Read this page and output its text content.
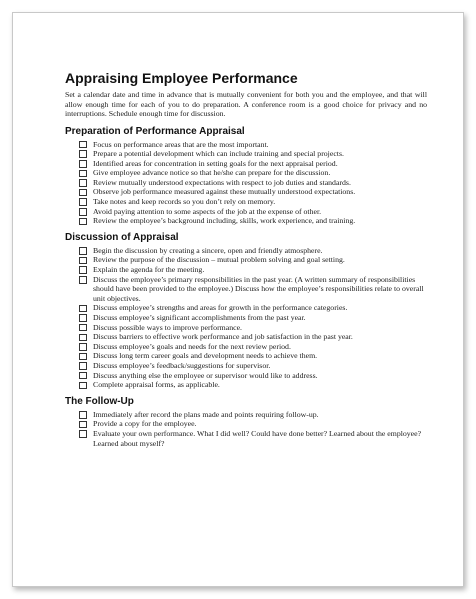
Appraising Employee Performance

Set a calendar date and time in advance that is mutually convenient for both you and the employee, and that will allow enough time for each of you to do preparation. A conference room is a good choice for privacy and no interruptions. Schedule enough time for discussion.

Preparation of Performance Appraisal
Focus on performance areas that are the most important.
Prepare a potential development which can include training and special projects.
Identified areas for concentration in setting goals for the next appraisal period.
Give employee advance notice so that he/she can prepare for the discussion.
Review mutually understood expectations with respect to job duties and standards.
Observe job performance measured against these mutually understood expectations.
Take notes and keep records so you don’t rely on memory.
Avoid paying attention to some aspects of the job at the expense of other.
Review the employee’s background including, skills, work experience, and training.
Discussion of Appraisal
Begin the discussion by creating a sincere, open and friendly atmosphere.
Review the purpose of the discussion – mutual problem solving and goal setting.
Explain the agenda for the meeting.
Discuss the employee’s primary responsibilities in the past year. (A written summary of responsibilities should have been provided to the employee.) Discuss how the employee’s responsibilities relate to overall unit objectives.
Discuss employee’s strengths and areas for growth in the performance categories.
Discuss employee’s significant accomplishments from the past year.
Discuss possible ways to improve performance.
Discuss barriers to effective work performance and job satisfaction in the past year.
Discuss employee’s goals and needs for the next review period.
Discuss long term career goals and development needs to achieve them.
Discuss employee’s feedback/suggestions for supervisor.
Discuss anything else the employee or supervisor would like to address.
Complete appraisal forms, as applicable.
The Follow-Up
Immediately after record the plans made and points requiring follow-up.
Provide a copy for the employee.
Evaluate your own performance. What I did well? Could have done better? Learned about the employee? Learned about myself?
